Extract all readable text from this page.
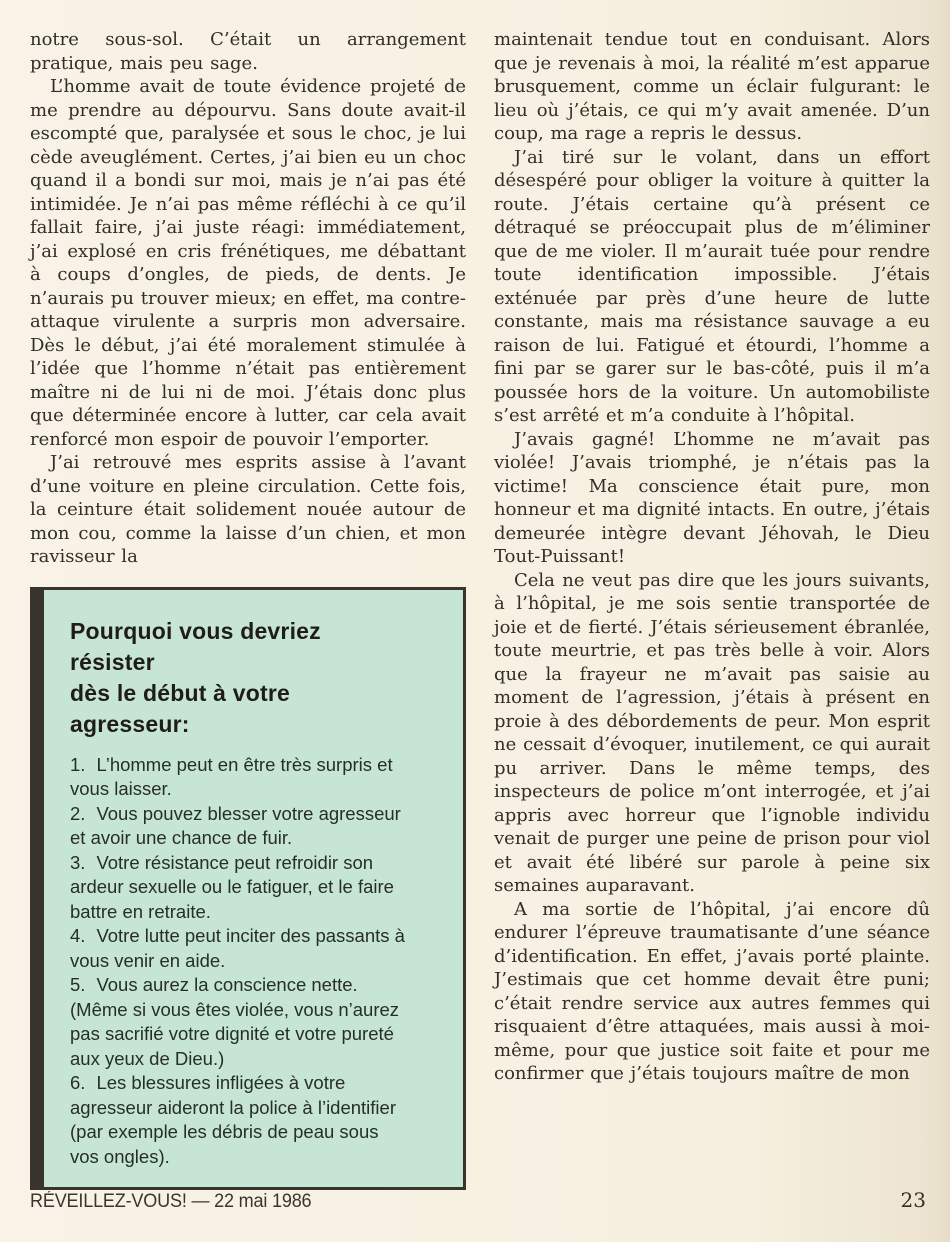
notre sous-sol. C’était un arrangement pratique, mais peu sage.

L’homme avait de toute évidence projeté de me prendre au dépourvu. Sans doute avait-il escompté que, paralysée et sous le choc, je lui cède aveuglément. Certes, j’ai bien eu un choc quand il a bondi sur moi, mais je n’ai pas été intimidée. Je n’ai pas même réfléchi à ce qu’il fallait faire, j’ai juste réagi: immédiatement, j’ai explosé en cris frénétiques, me débattant à coups d’ongles, de pieds, de dents. Je n’aurais pu trouver mieux; en effet, ma contre-attaque virulente a surpris mon adversaire. Dès le début, j’ai été moralement stimulée à l’idée que l’homme n’était pas entièrement maître ni de lui ni de moi. J’étais donc plus que déterminée encore à lutter, car cela avait renforcé mon espoir de pouvoir l’emporter.

J’ai retrouvé mes esprits assise à l’avant d’une voiture en pleine circulation. Cette fois, la ceinture était solidement nouée autour de mon cou, comme la laisse d’un chien, et mon ravisseur la

Pourquoi vous devriez résister
dès le début à votre agresseur:

1. L’homme peut en être très surpris et vous laisser.

2. Vous pouvez blesser votre agresseur et avoir une chance de fuir.

3. Votre résistance peut refroidir son ardeur sexuelle ou le fatiguer, et le faire battre en retraite.

4. Votre lutte peut inciter des passants à vous venir en aide.

5. Vous aurez la conscience nette. (Même si vous êtes violée, vous n’aurez pas sacrifié votre dignité et votre pureté aux yeux de Dieu.)

6. Les blessures infligées à votre agresseur aideront la police à l’identifier (par exemple les débris de peau sous vos ongles).

maintenait tendue tout en conduisant. Alors que je revenais à moi, la réalité m’est apparue brusquement, comme un éclair fulgurant: le lieu où j’étais, ce qui m’y avait amenée. D’un coup, ma rage a repris le dessus.

J’ai tiré sur le volant, dans un effort désespéré pour obliger la voiture à quitter la route. J’étais certaine qu’à présent ce détraqué se préoccupait plus de m’éliminer que de me violer. Il m’aurait tuée pour rendre toute identification impossible. J’étais exténuée par près d’une heure de lutte constante, mais ma résistance sauvage a eu raison de lui. Fatigué et étourdi, l’homme a fini par se garer sur le bas-côté, puis il m’a poussée hors de la voiture. Un automobiliste s’est arrêté et m’a conduite à l’hôpital.

J’avais gagné! L’homme ne m’avait pas violée! J’avais triomphé, je n’étais pas la victime! Ma conscience était pure, mon honneur et ma dignité intacts. En outre, j’étais demeurée intègre devant Jéhovah, le Dieu Tout-Puissant!

Cela ne veut pas dire que les jours suivants, à l’hôpital, je me sois sentie transportée de joie et de fierté. J’étais sérieusement ébranlée, toute meurtrie, et pas très belle à voir. Alors que la frayeur ne m’avait pas saisie au moment de l’agression, j’étais à présent en proie à des débordements de peur. Mon esprit ne cessait d’évoquer, inutilement, ce qui aurait pu arriver. Dans le même temps, des inspecteurs de police m’ont interrogée, et j’ai appris avec horreur que l’ignoble individu venait de purger une peine de prison pour viol et avait été libéré sur parole à peine six semaines auparavant.

A ma sortie de l’hôpital, j’ai encore dû endurer l’épreuve traumatisante d’une séance d’identification. En effet, j’avais porté plainte. J’estimais que cet homme devait être puni; c’était rendre service aux autres femmes qui risquaient d’être attaquées, mais aussi à moi-même, pour que justice soit faite et pour me confirmer que j’étais toujours maître de mon

RÉVEILLEZ-VOUS! — 22 mai 1986	23
